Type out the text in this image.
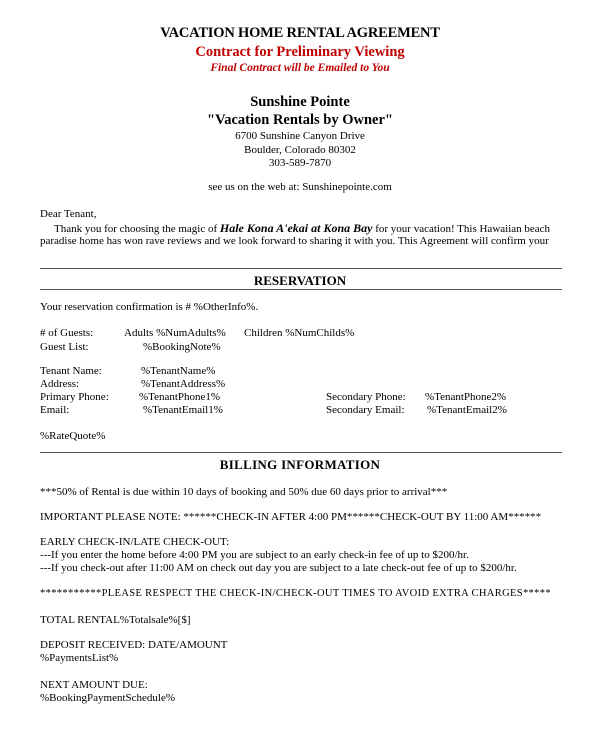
VACATION HOME RENTAL AGREEMENT
Contract for Preliminary Viewing
Final Contract will be Emailed to You
Sunshine Pointe
"Vacation Rentals by Owner"
6700 Sunshine Canyon Drive
Boulder, Colorado 80302
303-589-7870
see us on the web at: Sunshinepointe.com
Dear Tenant,
Thank you for choosing the magic of Hale Kona A'ekai at Kona Bay for your vacation! This Hawaiian beach
paradise home has won rave reviews and we look forward to sharing it with you. This Agreement will confirm your
RESERVATION
Your reservation confirmation is # %OtherInfo%.
# of Guests:	Adults %NumAdults% Children %NumChilds%
Guest List:	%BookingNote%
Tenant Name:	%TenantName%
Address:	%TenantAddress%
Primary Phone:	%TenantPhone1%	Secondary Phone: %TenantPhone2%
Email:	%TenantEmail1%	Secondary Email: %TenantEmail2%
%RateQuote%
BILLING INFORMATION
***50% of Rental is due within 10 days of booking and 50% due 60 days prior to arrival***
IMPORTANT PLEASE NOTE: ******CHECK-IN AFTER 4:00 PM******CHECK-OUT BY 11:00 AM******
EARLY CHECK-IN/LATE CHECK-OUT:
---If you enter the home before 4:00 PM you are subject to an early check-in fee of up to $200/hr.
---If you check-out after 11:00 AM on check out day you are subject to a late check-out fee of up to $200/hr.
***********PLEASE RESPECT THE CHECK-IN/CHECK-OUT TIMES TO AVOID EXTRA CHARGES*****
TOTAL RENTAL%Totalsale%[$]
DEPOSIT RECEIVED: DATE/AMOUNT
%PaymentsList%
NEXT AMOUNT DUE:
%BookingPaymentSchedule%
